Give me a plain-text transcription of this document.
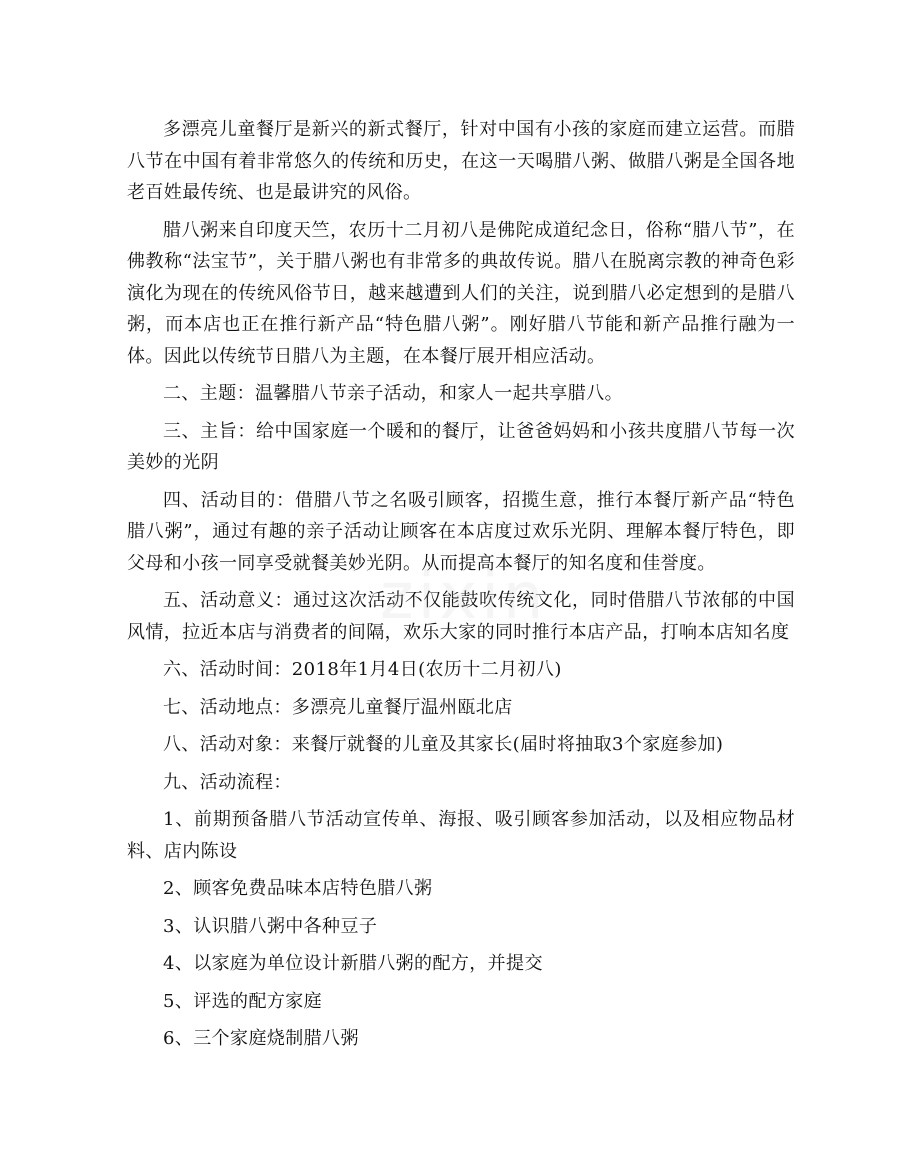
多漂亮儿童餐厅是新兴的新式餐厅，针对中国有小孩的家庭而建立运营。而腊八节在中国有着非常悠久的传统和历史，在这一天喝腊八粥、做腊八粥是全国各地老百姓最传统、也是最讲究的风俗。

腊八粥来自印度天竺，农历十二月初八是佛陀成道纪念日，俗称“腊八节”，在佛教称“法宝节”，关于腊八粥也有非常多的典故传说。腊八在脱离宗教的神奇色彩演化为现在的传统风俗节日，越来越遭到人们的关注，说到腊八必定想到的是腊八粥，而本店也正在推行新产品“特色腊八粥”。刚好腊八节能和新产品推行融为一体。因此以传统节日腊八为主题，在本餐厅展开相应活动。

二、主题：温馨腊八节亲子活动，和家人一起共享腊八。

三、主旨：给中国家庭一个暖和的餐厅，让爸爸妈妈和小孩共度腊八节每一次美妙的光阴

四、活动目的：借腊八节之名吸引顾客，招揽生意，推行本餐厅新产品“特色腊八粥”，通过有趣的亲子活动让顾客在本店度过欢乐光阴、理解本餐厅特色，即父母和小孩一同享受就餐美妙光阴。从而提高本餐厅的知名度和佳誉度。

五、活动意义：通过这次活动不仅能鼓吹传统文化，同时借腊八节浓郁的中国风情，拉近本店与消费者的间隔，欢乐大家的同时推行本店产品，打响本店知名度

六、活动时间：2018年1月4日(农历十二月初八)

七、活动地点：多漂亮儿童餐厅温州瓯北店

八、活动对象：来餐厅就餐的儿童及其家长(届时将抽取3个家庭参加)

九、活动流程：

1、前期预备腊八节活动宣传单、海报、吸引顾客参加活动，以及相应物品材料、店内陈设

2、顾客免费品味本店特色腊八粥

3、认识腊八粥中各种豆子

4、以家庭为单位设计新腊八粥的配方，并提交

5、评选的配方家庭

6、三个家庭烧制腊八粥

zixin
